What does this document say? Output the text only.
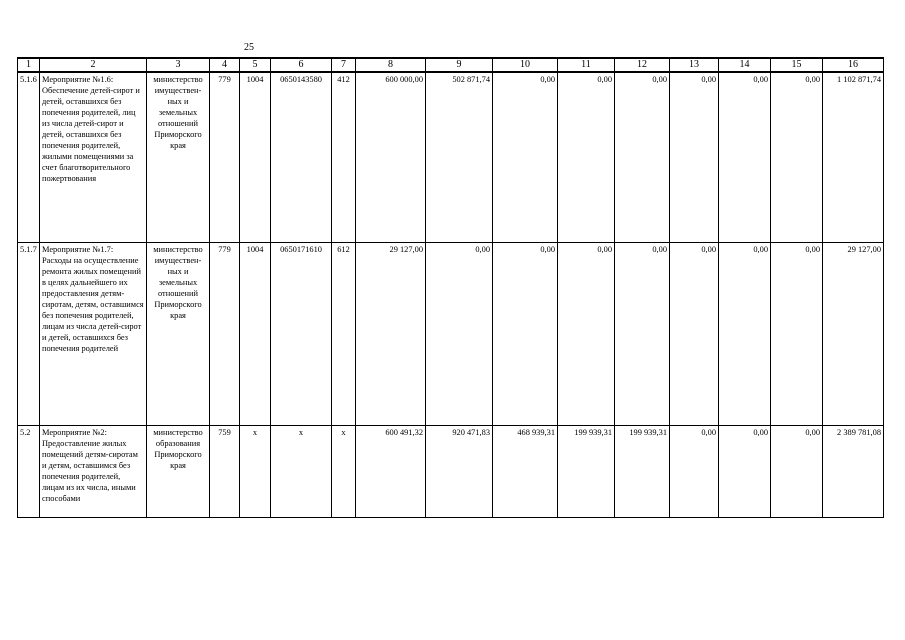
25
1	2	3	4	5	6	7	8	9	10	11	12	13	14	15	16
5.1.6	Мероприятие №1.6: Обеспечение детей-сирот и детей, оставшихся без попечения родителей, лиц из числа детей-сирот и детей, оставшихся без попечения родителей, жилыми помещениями за счет благотворительного пожертвования	министерство имуществен-ных и земельных отношений Приморского края	779	1004	0650143580	412	600 000,00	502 871,74	0,00	0,00	0,00	0,00	0,00	0,00	1 102 871,74
5.1.7	Мероприятие №1.7: Расходы на осуществление ремонта жилых помещений в целях дальнейшего их предоставления детям-сиротам, детям, оставшимся без попечения родителей, лицам из числа детей-сирот и детей, оставшихся без попечения родителей	министерство имуществен-ных и земельных отношений Приморского края	779	1004	0650171610	612	29 127,00	0,00	0,00	0,00	0,00	0,00	0,00	0,00	29 127,00
5.2	Мероприятие №2: Предоставление жилых помещений детям-сиротам и детям, оставшимся без попечения родителей, лицам из их числа, иными способами	министерство образования Приморского края	759	х	х	х	600 491,32	920 471,83	468 939,31	199 939,31	199 939,31	0,00	0,00	0,00	2 389 781,08
